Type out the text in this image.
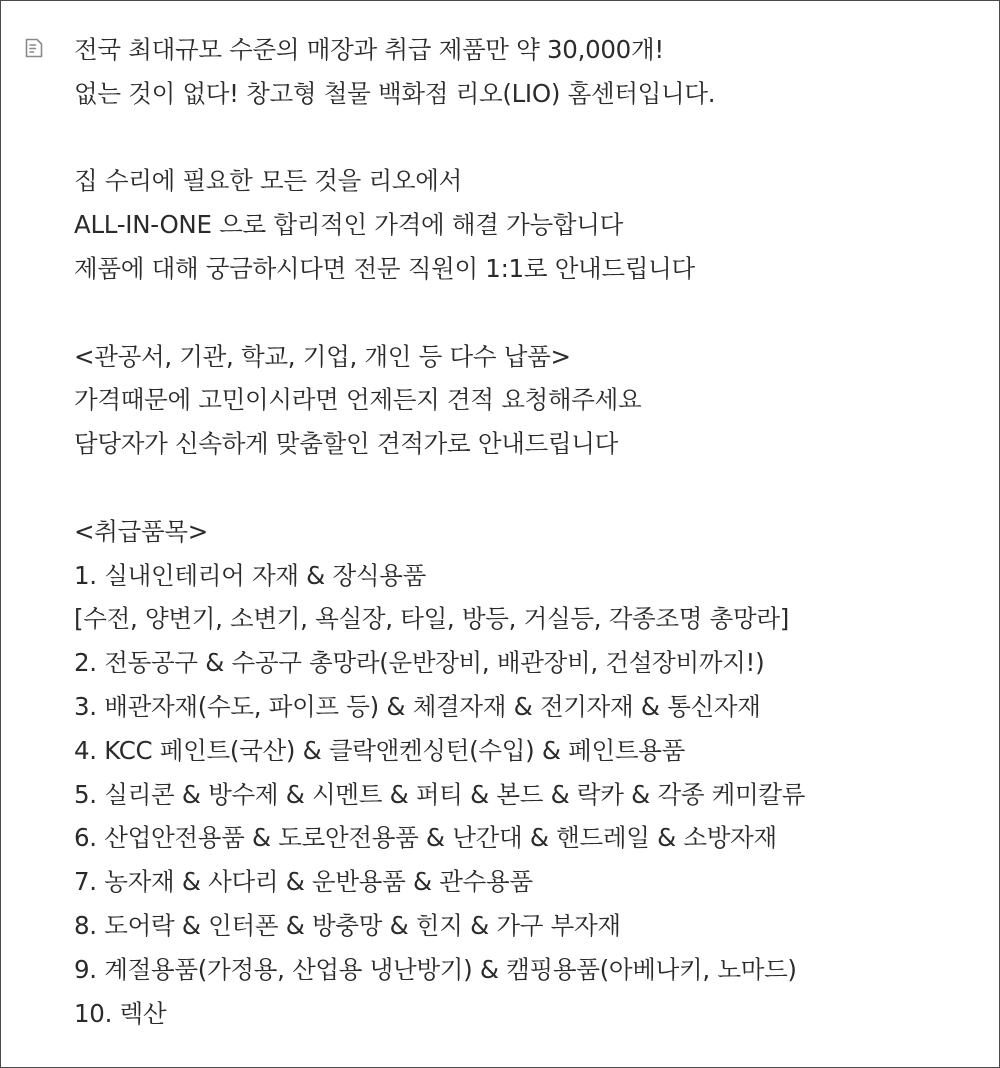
전국 최대규모 수준의 매장과 취급 제품만 약 30,000개!
없는 것이 없다! 창고형 철물 백화점 리오(LIO) 홈센터입니다.
집 수리에 필요한 모든 것을 리오에서
ALL-IN-ONE 으로 합리적인 가격에 해결 가능합니다
제품에 대해 궁금하시다면 전문 직원이 1:1로 안내드립니다
<관공서, 기관, 학교, 기업, 개인 등 다수 납품>
가격때문에 고민이시라면 언제든지 견적 요청해주세요
담당자가 신속하게 맞춤할인 견적가로 안내드립니다
<취급품목>
1. 실내인테리어 자재 & 장식용품
[수전, 양변기, 소변기, 욕실장, 타일, 방등, 거실등, 각종조명 총망라]
2. 전동공구 & 수공구 총망라(운반장비, 배관장비, 건설장비까지!)
3. 배관자재(수도, 파이프 등) & 체결자재 & 전기자재 & 통신자재
4. KCC 페인트(국산) & 클락앤켄싱턴(수입) & 페인트용품
5. 실리콘 & 방수제 & 시멘트 & 퍼티 & 본드 & 락카 & 각종 케미칼류
6. 산업안전용품 & 도로안전용품 & 난간대 & 핸드레일 & 소방자재
7. 농자재 & 사다리 & 운반용품 & 관수용품
8. 도어락 & 인터폰 & 방충망 & 힌지 & 가구 부자재
9. 계절용품(가정용, 산업용 냉난방기) & 캠핑용품(아베나키, 노마드)
10. 렉산
